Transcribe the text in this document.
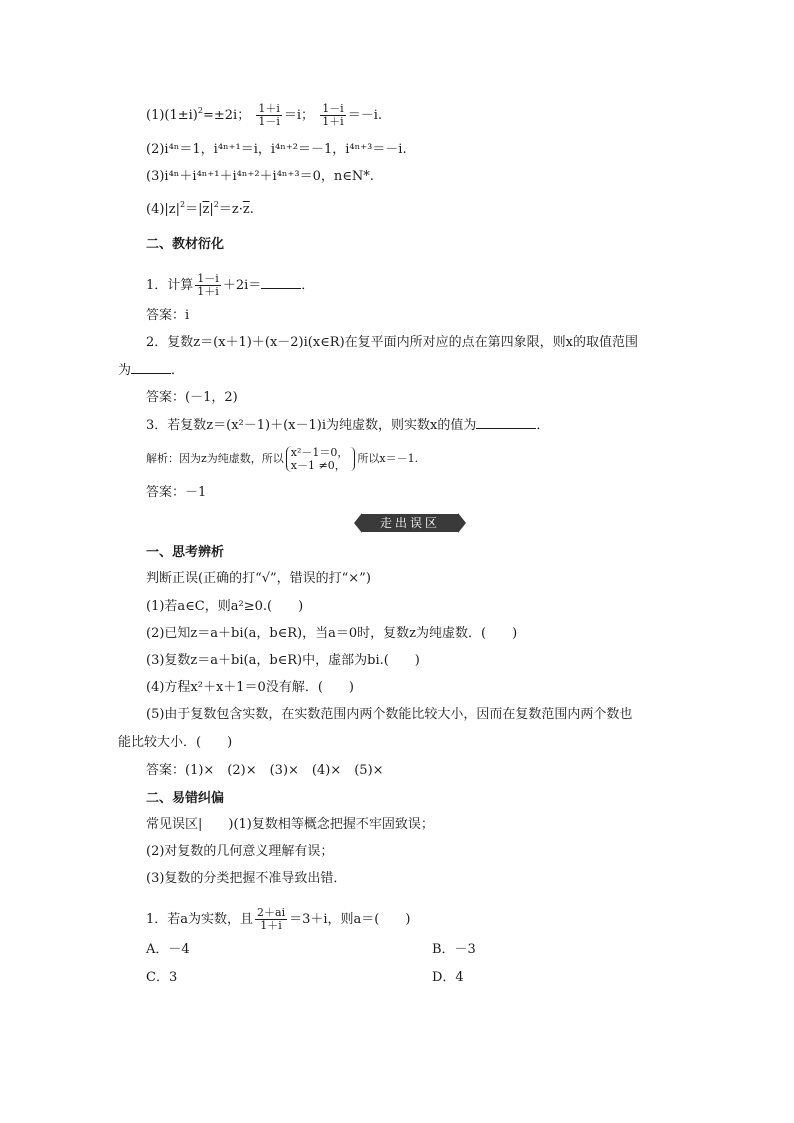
$(1)(1\pm i)^2=\pm 2i$； $\frac{1+i}{1-i} =i$； $\frac{1-i}{1+i} =-i$.
(2)i⁴ⁿ＝1，i⁴ⁿ⁺¹＝i，i⁴ⁿ⁺²＝－1，i⁴ⁿ⁺³＝－i.
(3)i⁴ⁿ＋i⁴ⁿ⁺¹＋i⁴ⁿ⁺²＋i⁴ⁿ⁺³＝0，n∈N*.
$(4)|z|^2=|\overline{z}|^2=z\cdot\overline{z}$.
二、教材衍化
1．计算 $\frac{1-i}{1+i} +2i=$	．
答案：i
2．复数z＝(x＋1)＋(x－2)i(x∈R)在复平面内所对应的点在第四象限，则x的取值范围
为	．
答案：(－1，2)
3．若复数z＝(x²－1)＋(x－1)i为纯虚数，则实数x的值为	．
解析：因为z为纯虚数，所以 x²－1＝0，
x－1 ≠0，
所以x＝－1.
答案：－1
走出误区
一、思考辨析
判断正误(正确的打“√”，错误的打“×”)
(1)若a∈C，则a²≥0.(　　)
(2)已知z＝a＋bi(a，b∈R)，当a＝0时，复数z为纯虚数．(　　)
(3)复数z＝a＋bi(a，b∈R)中，虚部为bi.(　　)
(4)方程x²＋x＋1＝0没有解．(　　)
(5)由于复数包含实数，在实数范围内两个数能比较大小，因而在复数范围内两个数也
能比较大小．(　　)
答案：(1)×　(2)×　(3)×　(4)×　(5)×
二、易错纠偏
常见误区|　　)(1)复数相等概念把握不牢固致误；
(2)对复数的几何意义理解有误；
(3)复数的分类把握不准导致出错．
1．若a为实数，且 $\frac{2+ai}{1+i} =3+i$，则a＝(　　)
A．－4	B．－3
C．3	D．4
